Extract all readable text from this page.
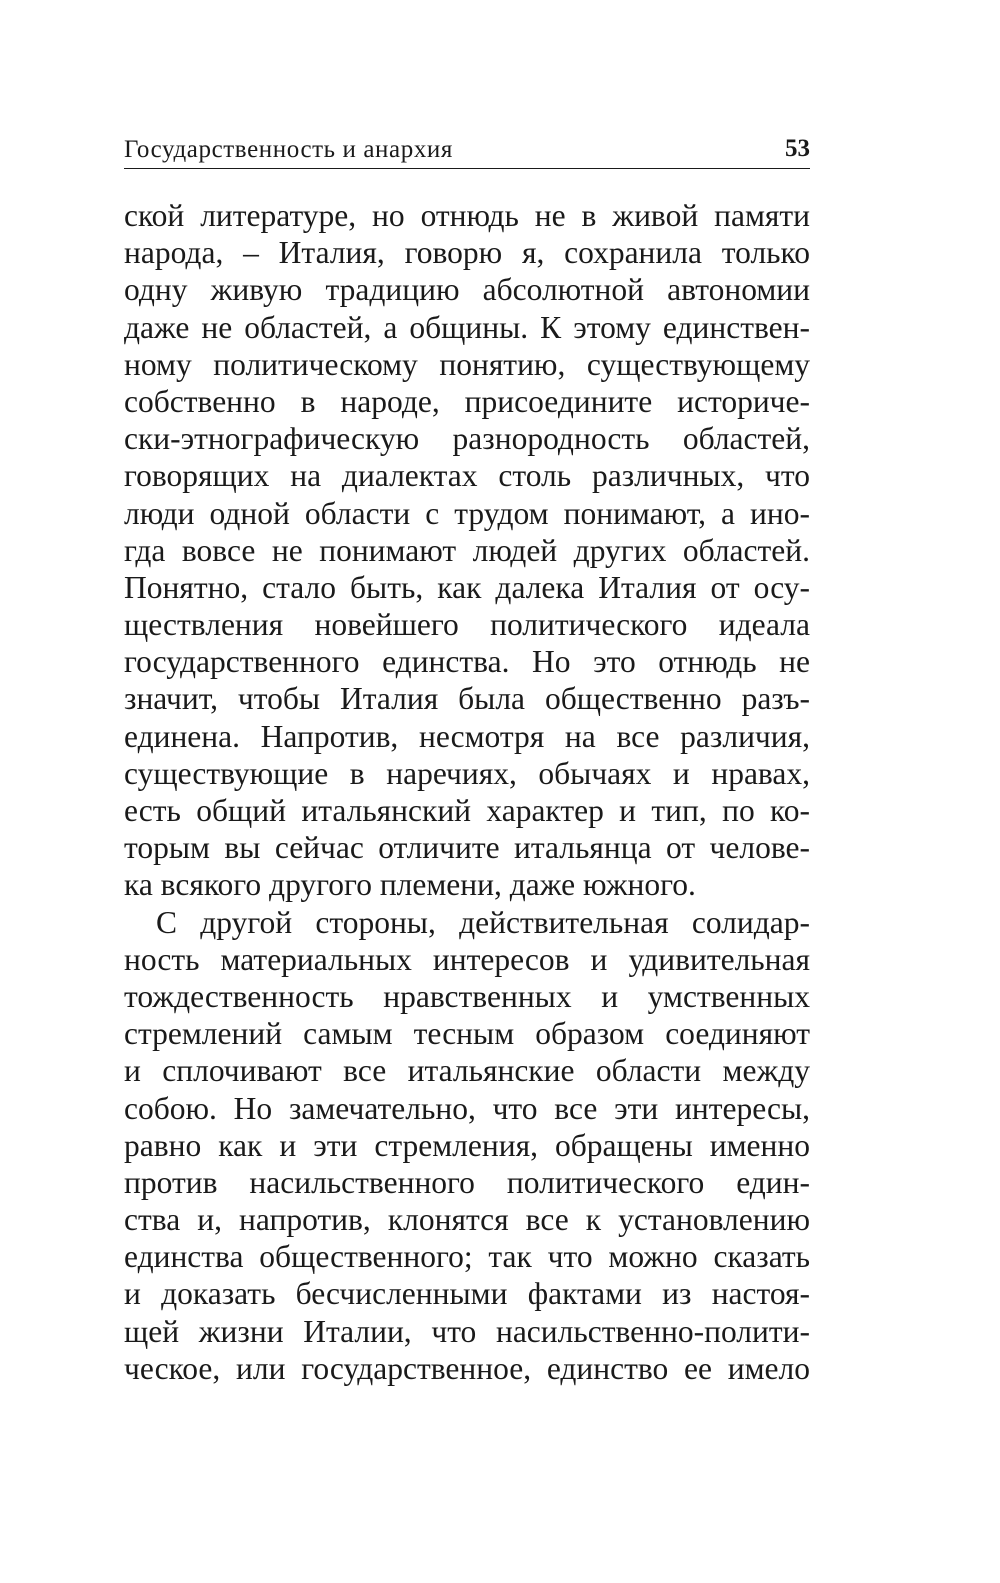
Государственность и анархия	53
ской литературе, но отнюдь не в живой памяти
народа, – Италия, говорю я, сохранила только
одну живую традицию абсолютной автономии
даже не областей, а общины. К этому единствен-
ному политическому понятию, существующему
собственно в народе, присоедините историче-
ски-этнографическую разнородность областей,
говорящих на диалектах столь различных, что
люди одной области с трудом понимают, а ино-
гда вовсе не понимают людей других областей.
Понятно, стало быть, как далека Италия от осу-
ществления новейшего политического идеала
государственного единства. Но это отнюдь не
значит, чтобы Италия была общественно разъ-
единена. Напротив, несмотря на все различия,
существующие в наречиях, обычаях и нравах,
есть общий итальянский характер и тип, по ко-
торым вы сейчас отличите итальянца от челове-
ка всякого другого племени, даже южного.
С другой стороны, действительная солидар-
ность материальных интересов и удивительная
тождественность нравственных и умственных
стремлений самым тесным образом соединяют
и сплочивают все итальянские области между
собою. Но замечательно, что все эти интересы,
равно как и эти стремления, обращены именно
против насильственного политического един-
ства и, напротив, клонятся все к установлению
единства общественного; так что можно сказать
и доказать бесчисленными фактами из настоя-
щей жизни Италии, что насильственно-полити-
ческое, или государственное, единство ее имело
